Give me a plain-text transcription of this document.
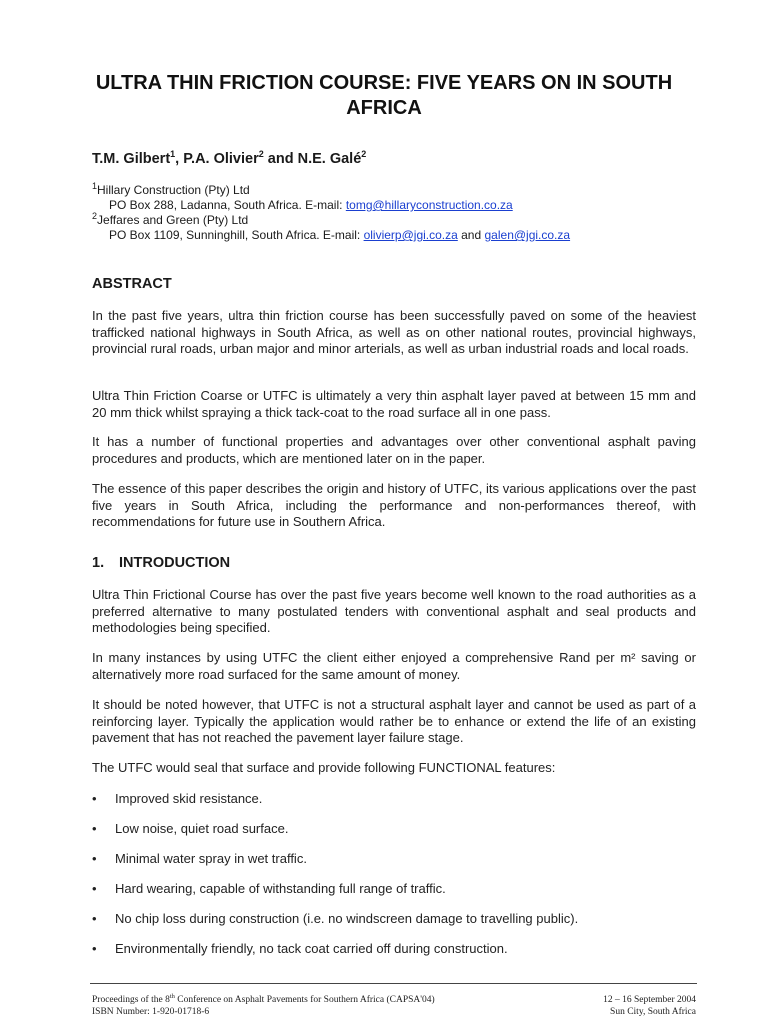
ULTRA THIN FRICTION COURSE: FIVE YEARS ON IN SOUTH
AFRICA
T.M. Gilbert$^1$, P.A. Olivier$^2$ and N.E. Galé$^2$
$^1$Hillary Construction (Pty) Ltd
PO Box 288, Ladanna, South Africa. E-mail: tomg@hillaryconstruction.co.za
$^2$Jeffares and Green (Pty) Ltd
PO Box 1109, Sunninghill, South Africa. E-mail: olivierp@jgi.co.za and galen@jgi.co.za
ABSTRACT

In the past five years, ultra thin friction course has been successfully paved on some of the heaviest trafficked national highways in South Africa, as well as on other national routes, provincial highways, provincial rural roads, urban major and minor arterials, as well as urban industrial roads and local roads.

Ultra Thin Friction Coarse or UTFC is ultimately a very thin asphalt layer paved at between 15 mm and 20 mm thick whilst spraying a thick tack-coat to the road surface all in one pass.

It has a number of functional properties and advantages over other conventional asphalt paving procedures and products, which are mentioned later on in the paper.

The essence of this paper describes the origin and history of UTFC, its various applications over the past five years in South Africa, including the performance and non-performances thereof, with recommendations for future use in Southern Africa.

1. INTRODUCTION

Ultra Thin Frictional Course has over the past five years become well known to the road authorities as a preferred alternative to many postulated tenders with conventional asphalt and seal products and methodologies being specified.

In many instances by using UTFC the client either enjoyed a comprehensive Rand per m² saving or alternatively more road surfaced for the same amount of money.

It should be noted however, that UTFC is not a structural asphalt layer and cannot be used as part of a reinforcing layer. Typically the application would rather be to enhance or extend the life of an existing pavement that has not reached the pavement layer failure stage.

The UTFC would seal that surface and provide following FUNCTIONAL features:

• Improved skid resistance.
• Low noise, quiet road surface.
• Minimal water spray in wet traffic.
• Hard wearing, capable of withstanding full range of traffic.
• No chip loss during construction (i.e. no windscreen damage to travelling public).
• Environmentally friendly, no tack coat carried off during construction.
Proceedings of the 8th Conference on Asphalt Pavements for Southern Africa (CAPSA'04)
ISBN Number: 1-920-01718-6
12 – 16 September 2004
Sun City, South Africa
